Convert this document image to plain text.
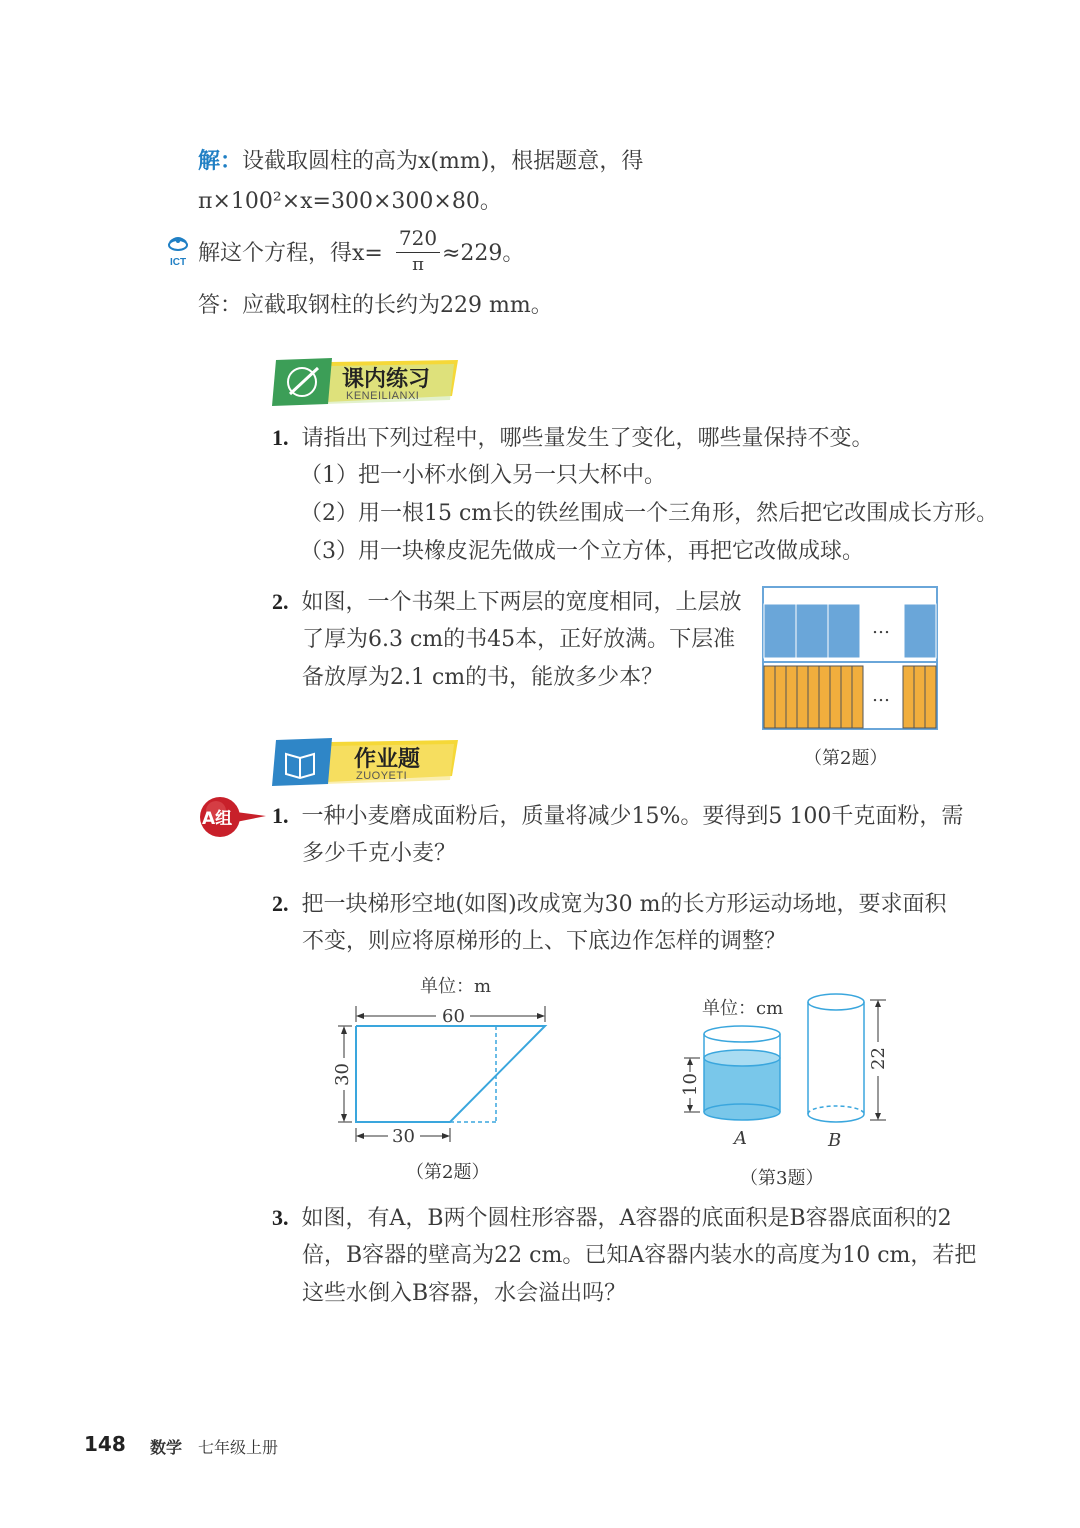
解：设截取圆柱的高为x(mm)，根据题意，得
π×100²×x=300×300×80。
ICT 解这个方程，得x=
720
π ≈229。
答：应截取钢柱的长约为229 mm。
课内练习
KENEILIANXI
1. 请指出下列过程中，哪些量发生了变化，哪些量保持不变。
（1）把一小杯水倒入另一只大杯中。
（2）用一根15 cm长的铁丝围成一个三角形，然后把它改围成长方形。
（3）用一块橡皮泥先做成一个立方体，再把它改做成球。
2. 如图，一个书架上下两层的宽度相同，上层放
了厚为6.3 cm的书45本，正好放满。下层准
备放厚为2.1 cm的书，能放多少本？
…
…
（第2题）
作业题
ZUOYETI
A组 1. 一种小麦磨成面粉后，质量将减少15%。要得到5 100千克面粉，需
多少千克小麦？
2. 把一块梯形空地(如图)改成宽为30 m的长方形运动场地，要求面积
不变，则应将原梯形的上、下底边作怎样的调整？
单位：m
60
30
30
（第2题）
单位：cm
10
22
A	B
（第3题）
3. 如图，有A，B两个圆柱形容器，A容器的底面积是B容器底面积的2
倍，B容器的壁高为22 cm。已知A容器内装水的高度为10 cm，若把
这些水倒入B容器，水会溢出吗？
148 数学 七年级上册
